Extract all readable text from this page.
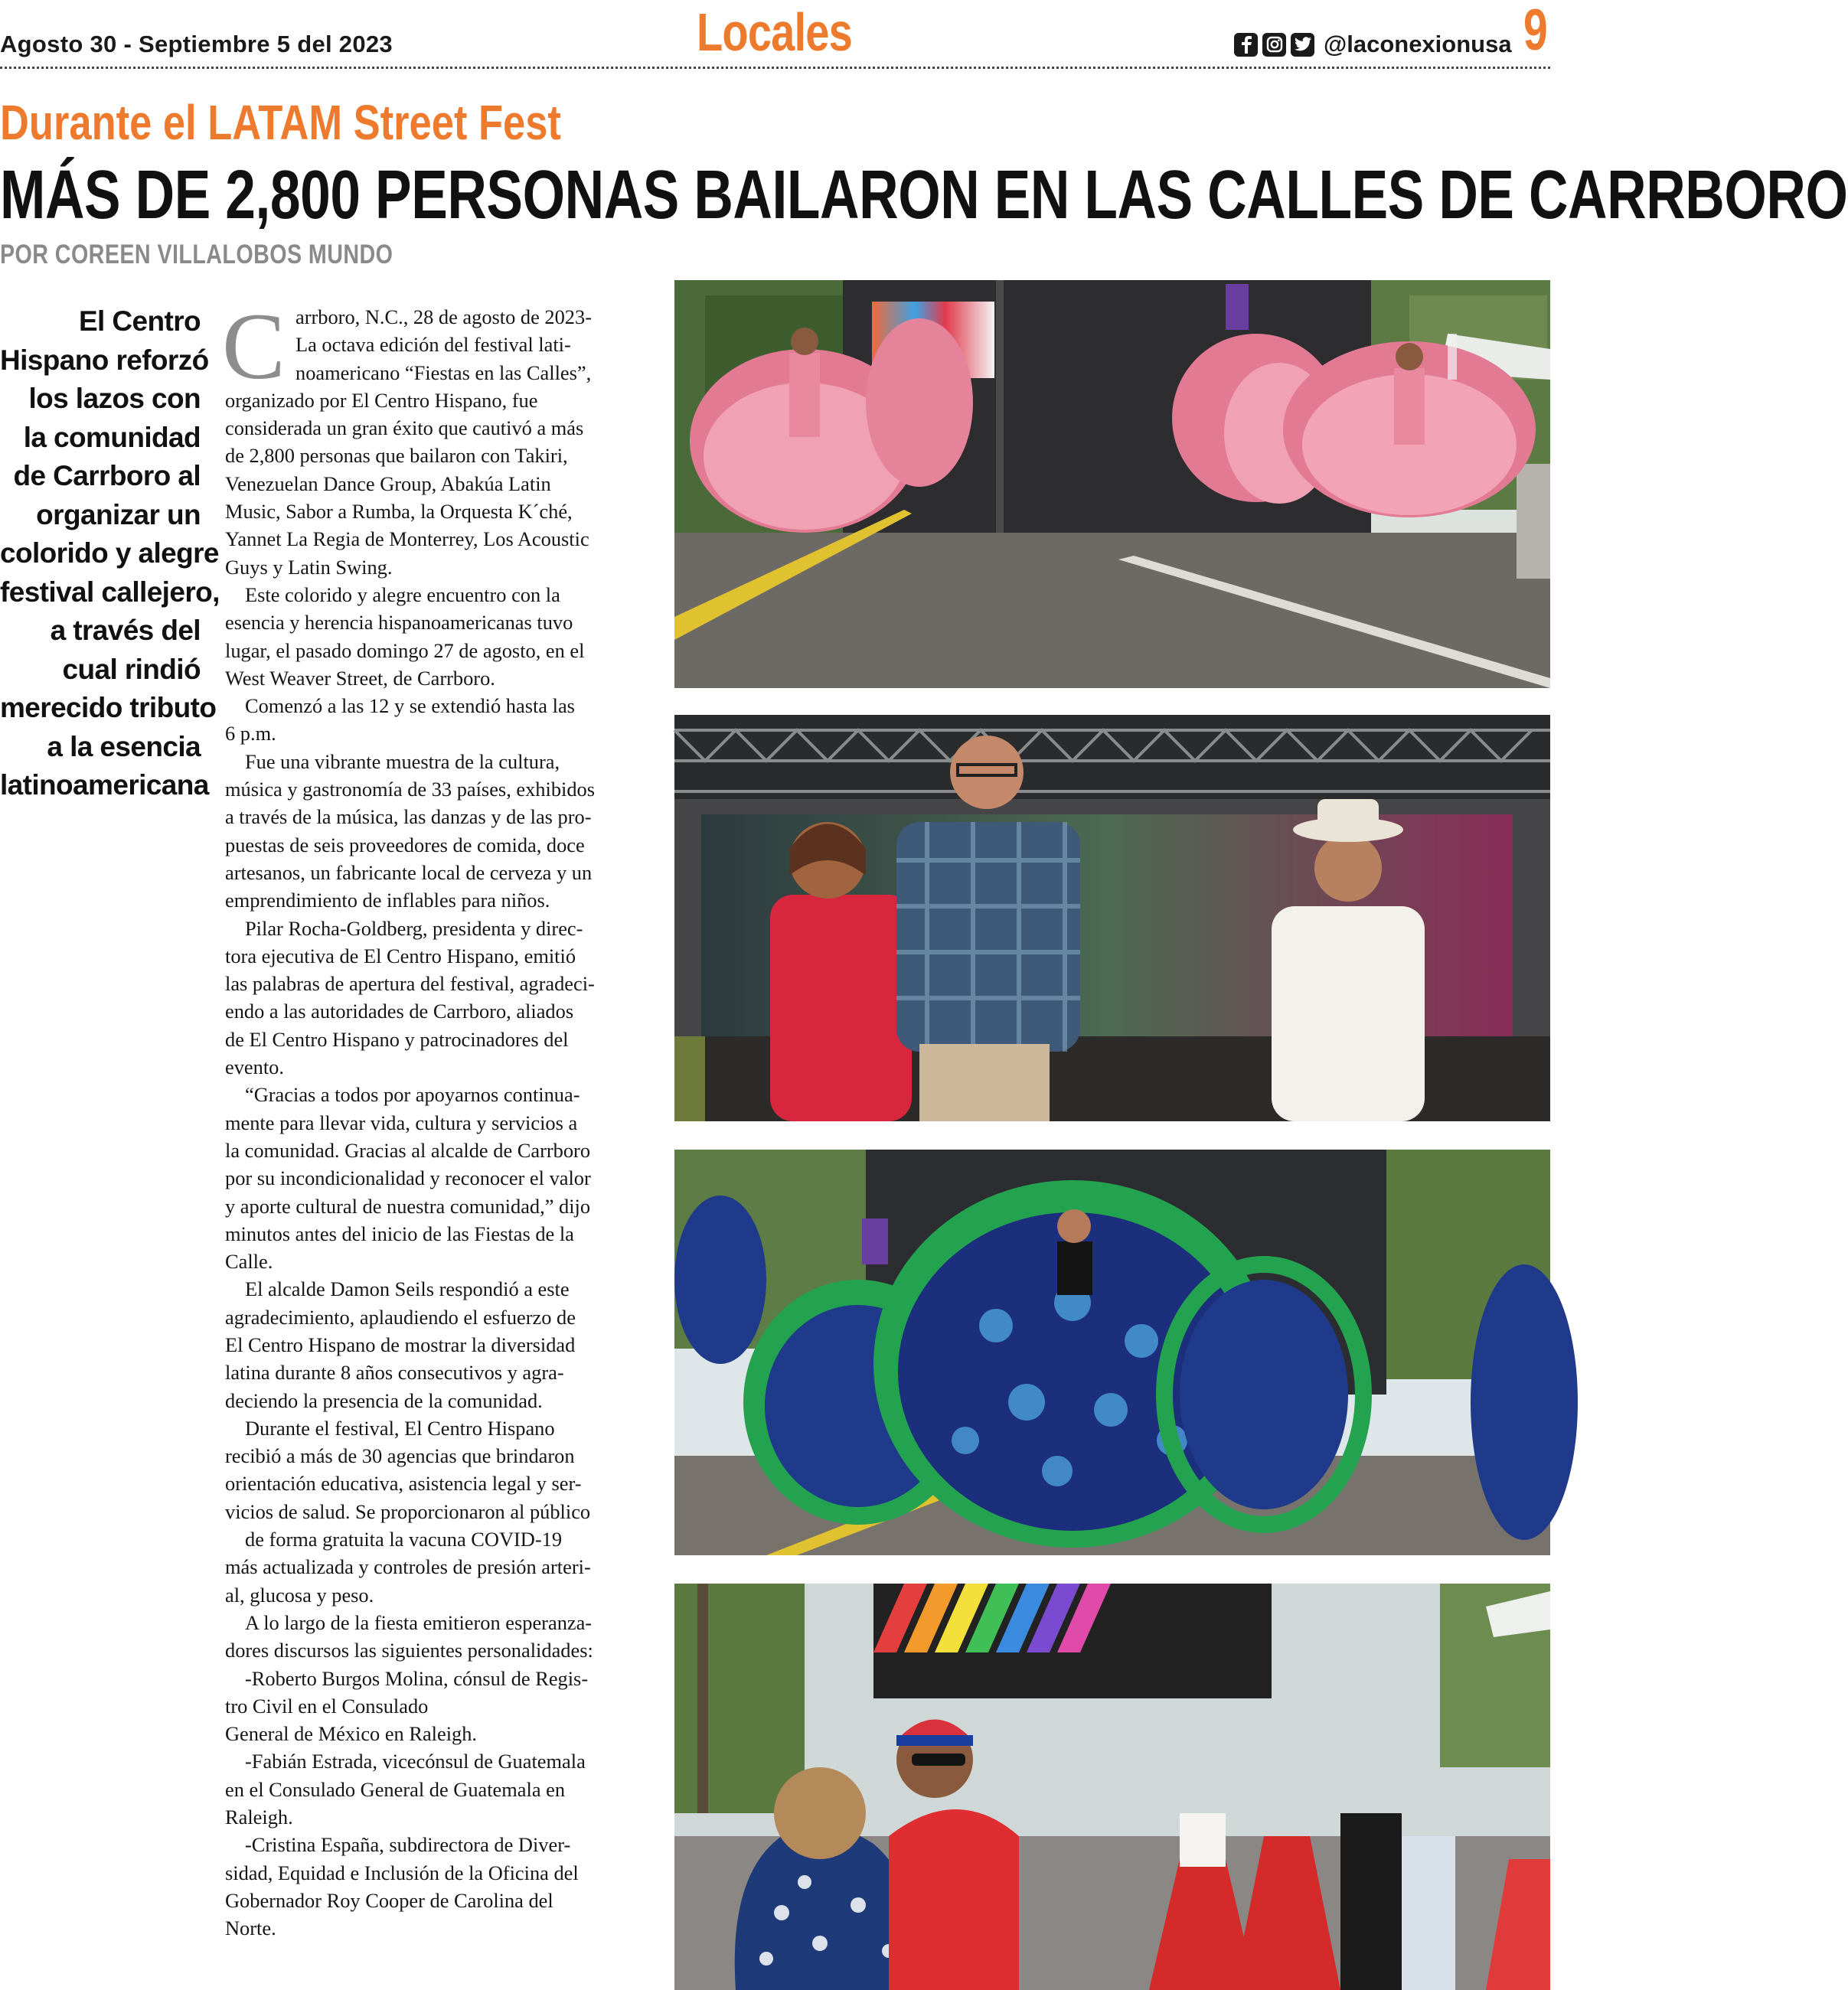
Agosto 30 - Septiembre 5 del 2023	Locales	@laconexionusa 9
Durante el LATAM Street Fest
MÁS DE 2,800 PERSONAS BAILARON EN LAS CALLES DE CARRBORO
POR COREEN VILLALOBOS MUNDO
El Centro
Hispano reforzó
los lazos con
la comunidad
de Carrboro al
organizar un
colorido y alegre
festival callejero,
a través del
cual rindió
merecido tributo
a la esencia
latinoamericana
C arrboro, N.C., 28 de agosto de 2023-
La octava edición del festival lati-
noamericano “Fiestas en las Calles”,
organizado por El Centro Hispano, fue
considerada un gran éxito que cautivó a más
de 2,800 personas que bailaron con Takiri,
Venezuelan Dance Group, Abakúa Latin
Music, Sabor a Rumba, la Orquesta K´ché,
Yannet La Regia de Monterrey, Los Acoustic
Guys y Latin Swing.
Este colorido y alegre encuentro con la
esencia y herencia hispanoamericanas tuvo
lugar, el pasado domingo 27 de agosto, en el
West Weaver Street, de Carrboro.
Comenzó a las 12 y se extendió hasta las
6 p.m.
Fue una vibrante muestra de la cultura,
música y gastronomía de 33 países, exhibidos
a través de la música, las danzas y de las pro-
puestas de seis proveedores de comida, doce
artesanos, un fabricante local de cerveza y un
emprendimiento de inflables para niños.
Pilar Rocha-Goldberg, presidenta y direc-
tora ejecutiva de El Centro Hispano, emitió
las palabras de apertura del festival, agradeci-
endo a las autoridades de Carrboro, aliados
de El Centro Hispano y patrocinadores del
evento.
“Gracias a todos por apoyarnos continua-
mente para llevar vida, cultura y servicios a
la comunidad. Gracias al alcalde de Carrboro
por su incondicionalidad y reconocer el valor
y aporte cultural de nuestra comunidad,” dijo
minutos antes del inicio de las Fiestas de la
Calle.
El alcalde Damon Seils respondió a este
agradecimiento, aplaudiendo el esfuerzo de
El Centro Hispano de mostrar la diversidad
latina durante 8 años consecutivos y agra-
deciendo la presencia de la comunidad.
Durante el festival, El Centro Hispano
recibió a más de 30 agencias que brindaron
orientación educativa, asistencia legal y ser-
vicios de salud. Se proporcionaron al público
de forma gratuita la vacuna COVID-19
más actualizada y controles de presión arteri-
al, glucosa y peso.
A lo largo de la fiesta emitieron esperanza-
dores discursos las siguientes personalidades:
-Roberto Burgos Molina, cónsul de Regis-
tro Civil en el Consulado
General de México en Raleigh.
-Fabián Estrada, vicecónsul de Guatemala
en el Consulado General de Guatemala en
Raleigh.
-Cristina España, subdirectora de Diver-
sidad, Equidad e Inclusión de la Oficina del
Gobernador Roy Cooper de Carolina del
Norte.
